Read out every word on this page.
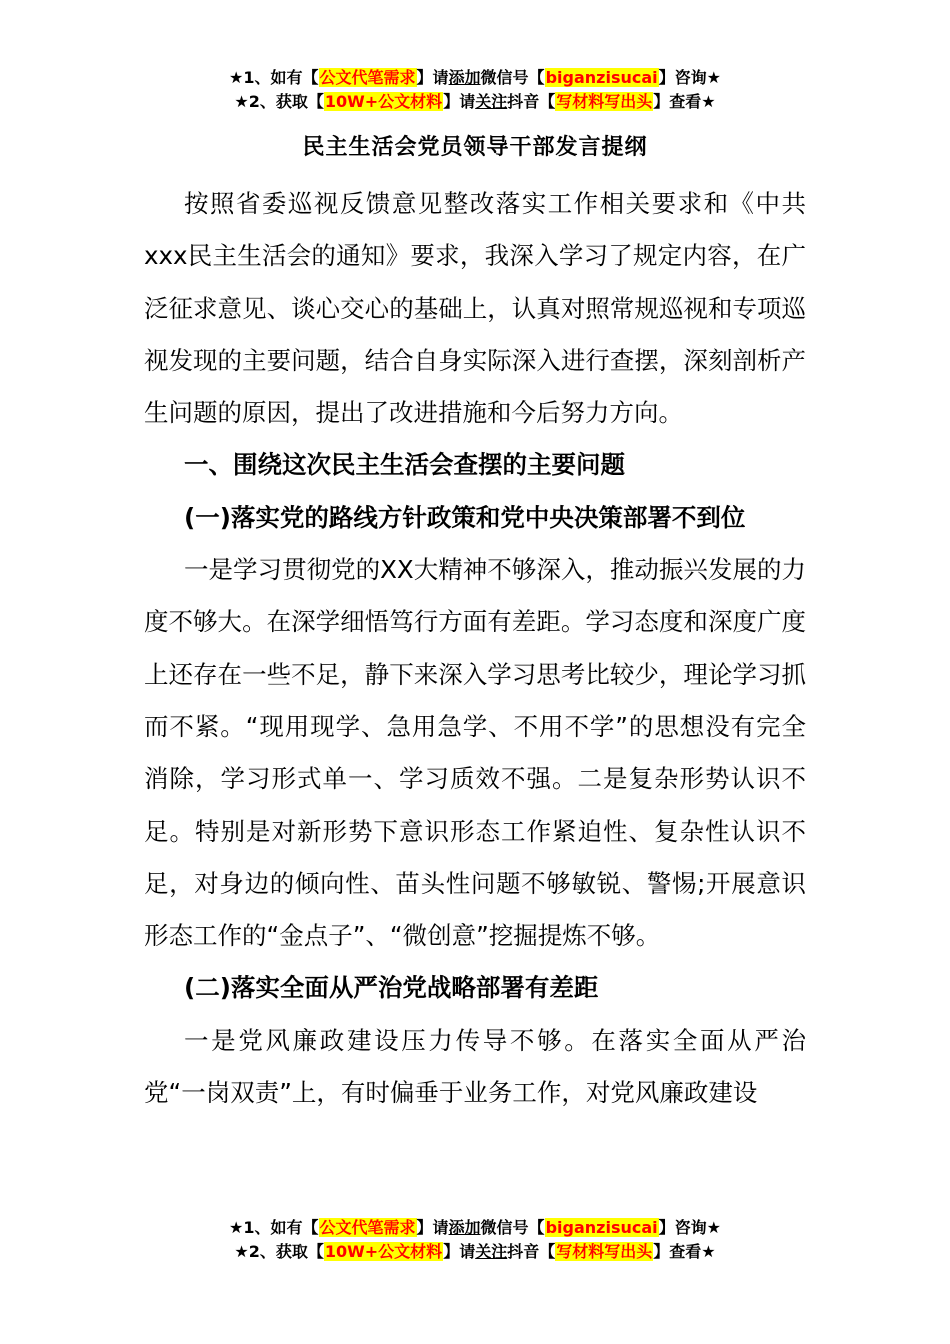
★1、如有【公文代笔需求】请添加微信号【biganzisucai】咨询★
★2、获取【10W+公文材料】请关注抖音【写材料写出头】查看★
民主生活会党员领导干部发言提纲

按照省委巡视反馈意见整改落实工作相关要求和《中共xxx民主生活会的通知》要求，我深入学习了规定内容，在广泛征求意见、谈心交心的基础上，认真对照常规巡视和专项巡视发现的主要问题，结合自身实际深入进行查摆，深刻剖析产生问题的原因，提出了改进措施和今后努力方向。

一、围绕这次民主生活会查摆的主要问题

(一)落实党的路线方针政策和党中央决策部署不到位

一是学习贯彻党的XX大精神不够深入，推动振兴发展的力度不够大。在深学细悟笃行方面有差距。学习态度和深度广度上还存在一些不足，静下来深入学习思考比较少，理论学习抓而不紧。“现用现学、急用急学、不用不学”的思想没有完全消除，学习形式单一、学习质效不强。二是复杂形势认识不足。特别是对新形势下意识形态工作紧迫性、复杂性认识不足，对身边的倾向性、苗头性问题不够敏锐、警惕;开展意识形态工作的“金点子”、“微创意”挖掘提炼不够。

(二)落实全面从严治党战略部署有差距

一是党风廉政建设压力传导不够。在落实全面从严治党“一岗双责”上，有时偏垂于业务工作，对党风廉政建设

★1、如有【公文代笔需求】请添加微信号【biganzisucai】咨询★
★2、获取【10W+公文材料】请关注抖音【写材料写出头】查看★
